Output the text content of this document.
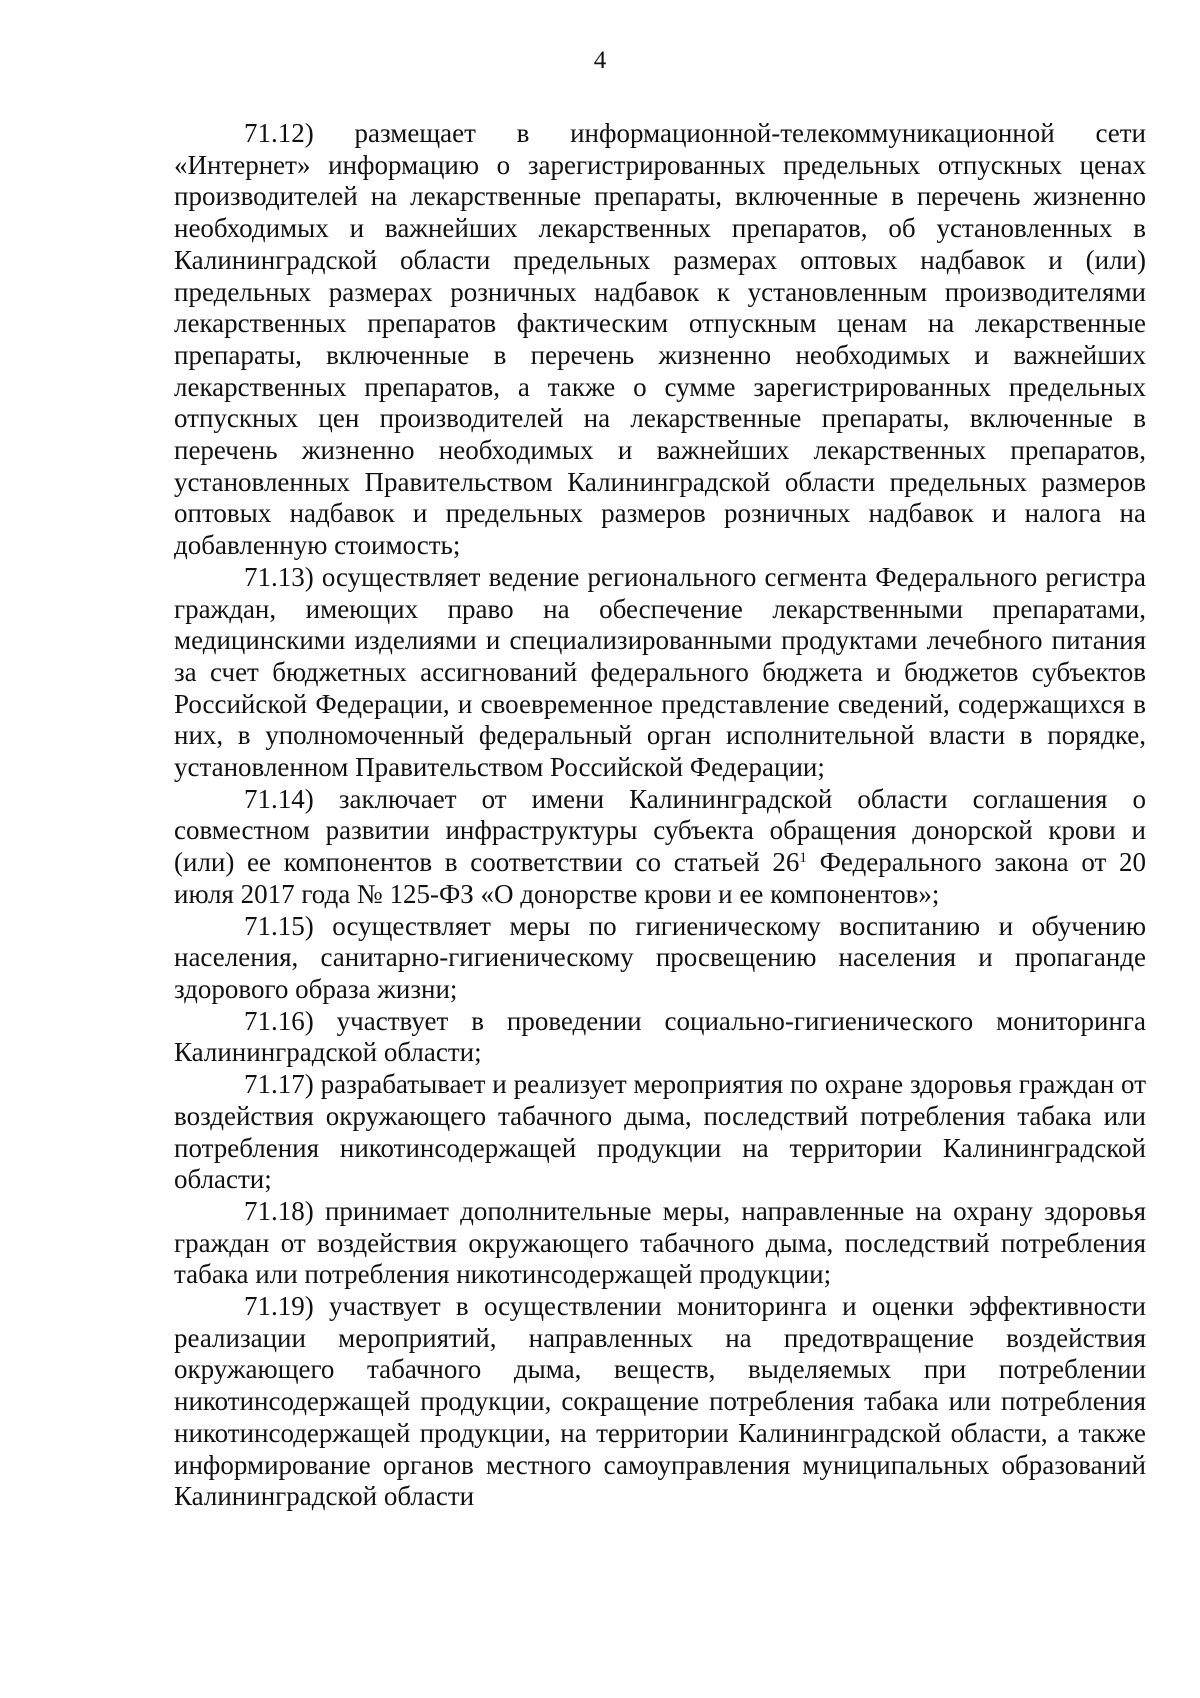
4

71.12) размещает в информационной-телекоммуникационной сети «Интернет» информацию о зарегистрированных предельных отпускных ценах производителей на лекарственные препараты, включенные в перечень жизненно необходимых и важнейших лекарственных препаратов, об установленных в Калининградской области предельных размерах оптовых надбавок и (или) предельных размерах розничных надбавок к установленным производителями лекарственных препаратов фактическим отпускным ценам на лекарственные препараты, включенные в перечень жизненно необходимых и важнейших лекарственных препаратов, а также о сумме зарегистрированных предельных отпускных цен производителей на лекарственные препараты, включенные в перечень жизненно необходимых и важнейших лекарственных препаратов, установленных Правительством Калининградской области предельных размеров оптовых надбавок и предельных размеров розничных надбавок и налога на добавленную стоимость;

71.13) осуществляет ведение регионального сегмента Федерального регистра граждан, имеющих право на обеспечение лекарственными препаратами, медицинскими изделиями и специализированными продуктами лечебного питания за счет бюджетных ассигнований федерального бюджета и бюджетов субъектов Российской Федерации, и своевременное представление сведений, содержащихся в них, в уполномоченный федеральный орган исполнительной власти в порядке, установленном Правительством Российской Федерации;

71.14) заключает от имени Калининградской области соглашения о совместном развитии инфраструктуры субъекта обращения донорской крови и (или) ее компонентов в соответствии со статьей $26^1$ Федерального закона от 20 июля 2017 года № 125-ФЗ «О донорстве крови и ее компонентов»;

71.15) осуществляет меры по гигиеническому воспитанию и обучению населения, санитарно-гигиеническому просвещению населения и пропаганде здорового образа жизни;

71.16) участвует в проведении социально-гигиенического мониторинга Калининградской области;

71.17) разрабатывает и реализует мероприятия по охране здоровья граждан от воздействия окружающего табачного дыма, последствий потребления табака или потребления никотинсодержащей продукции на территории Калининградской области;

71.18) принимает дополнительные меры, направленные на охрану здоровья граждан от воздействия окружающего табачного дыма, последствий потребления табака или потребления никотинсодержащей продукции;

71.19) участвует в осуществлении мониторинга и оценки эффективности реализации мероприятий, направленных на предотвращение воздействия окружающего табачного дыма, веществ, выделяемых при потреблении никотинсодержащей продукции, сокращение потребления табака или потребления никотинсодержащей продукции, на территории Калининградской области, а также информирование органов местного самоуправления муниципальных образований Калининградской области
